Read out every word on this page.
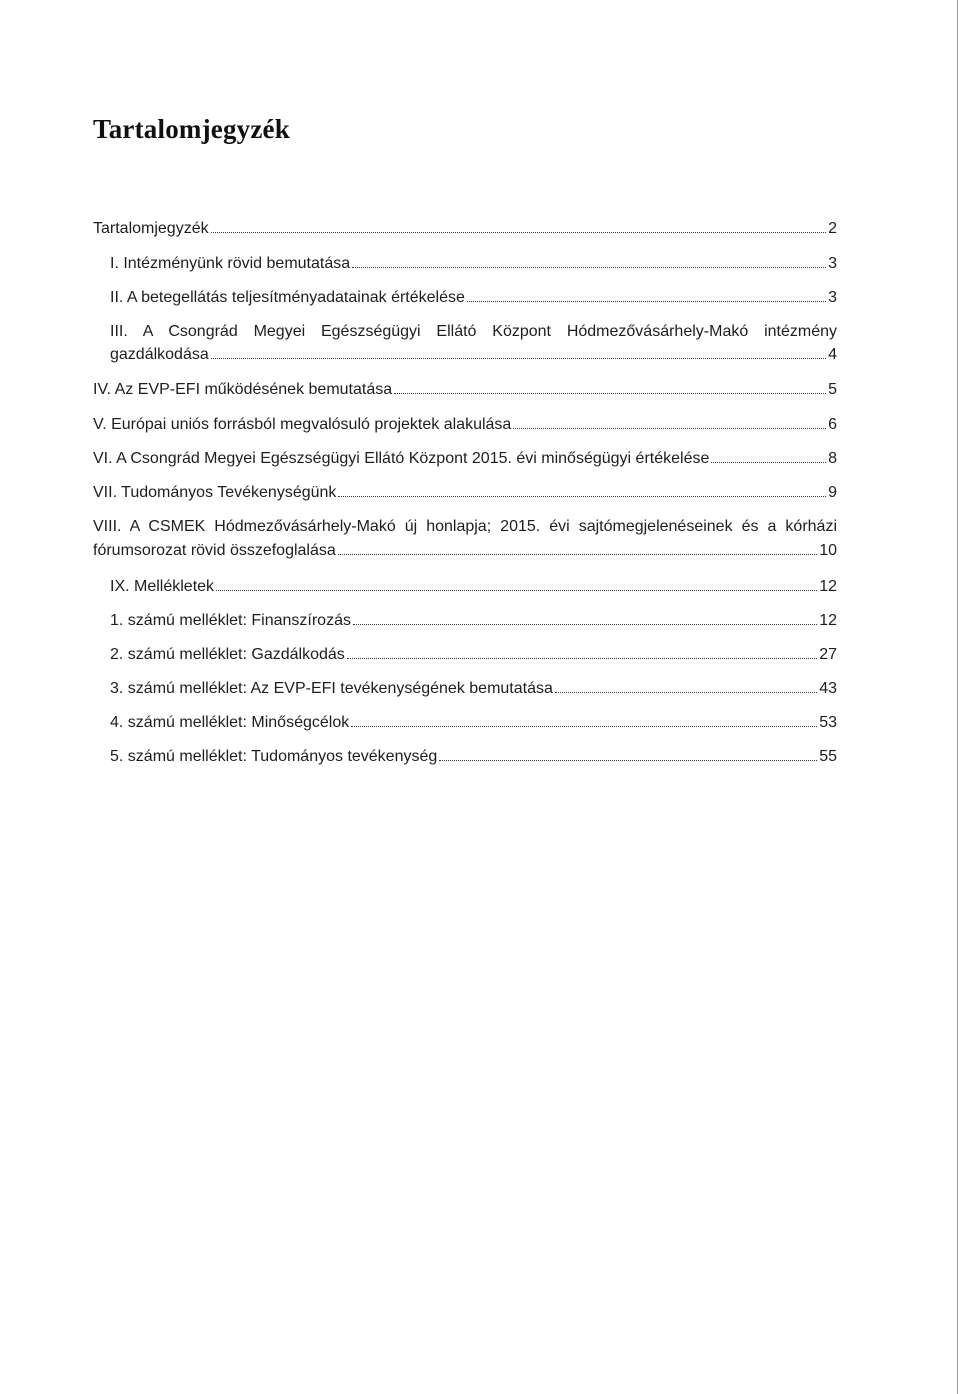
Tartalomjegyzék
Tartalomjegyzék	2
I. Intézményünk rövid bemutatása	3
II. A betegellátás teljesítményadatainak értékelése	3
III. A Csongrád Megyei Egészségügyi Ellátó Központ Hódmezővásárhely-Makó intézmény
gazdálkodása	4
IV. Az EVP-EFI működésének bemutatása	5
V. Európai uniós forrásból megvalósuló projektek alakulása	6
VI. A Csongrád Megyei Egészségügyi Ellátó Központ 2015. évi minőségügyi értékelése	8
VII. Tudományos Tevékenységünk	9
VIII. A CSMEK Hódmezővásárhely-Makó új honlapja; 2015. évi sajtómegjelenéseinek és a kórházi
fórumsorozat rövid összefoglalása	10
IX. Mellékletek	12
1. számú melléklet: Finanszírozás	12
2. számú melléklet: Gazdálkodás	27
3. számú melléklet: Az EVP-EFI tevékenységének bemutatása	43
4. számú melléklet: Minőségcélok	53
5. számú melléklet: Tudományos tevékenység	55
